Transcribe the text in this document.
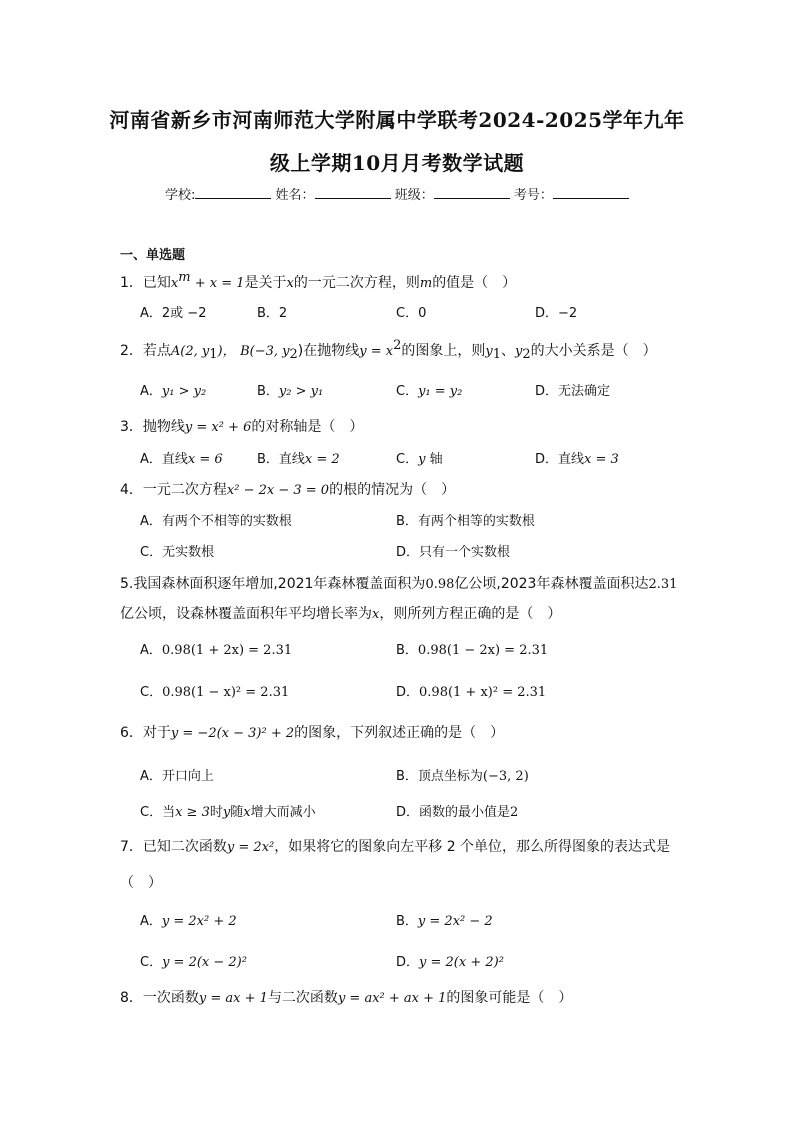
河南省新乡市河南师范大学附属中学联考2024-2025学年九年
级上学期10月月考数学试题
学校:	姓名：	班级：	考号：
一、单选题
1．已知$x^m + x = 1$是关于x的一元二次方程，则m的值是（　）
A．2或 −2	B．2	C．0	D．−2
2．若点A(2, $y_1$)， B(−3, $y_2$)在抛物线$y = x^2$的图象上，则$y_1$、$y_2$的大小关系是（　）
A．y₁ > y₂	B．y₂ > y₁	C．y₁ = y₂	D．无法确定
3．抛物线y = x² + 6的对称轴是（　）
A．直线x = 6	B．直线x = 2	C．y 轴	D．直线x = 3
4．一元二次方程x² − 2x − 3 = 0的根的情况为（　）
A．有两个不相等的实数根	B．有两个相等的实数根
C．无实数根	D．只有一个实数根
5.我国森林面积逐年增加,2021年森林覆盖面积为0.98亿公顷,2023年森林覆盖面积达2.31
亿公顷，设森林覆盖面积年平均增长率为x，则所列方程正确的是（　）
A．0.98(1 + 2x) = 2.31	B．0.98(1 − 2x) = 2.31
C．0.98(1 − x)² = 2.31	D．0.98(1 + x)² = 2.31
6．对于y = −2(x − 3)² + 2的图象，下列叙述正确的是（　）
A．开口向上	B．顶点坐标为(−3, 2)
C．当x ≥ 3时y随x增大而减小	D．函数的最小值是2
7．已知二次函数y = 2x²，如果将它的图象向左平移 2 个单位，那么所得图象的表达式是
（　）
A．y = 2x² + 2	B．y = 2x² − 2
C．y = 2(x − 2)²	D．y = 2(x + 2)²
8．一次函数y = ax + 1与二次函数y = ax² + ax + 1的图象可能是（　）
